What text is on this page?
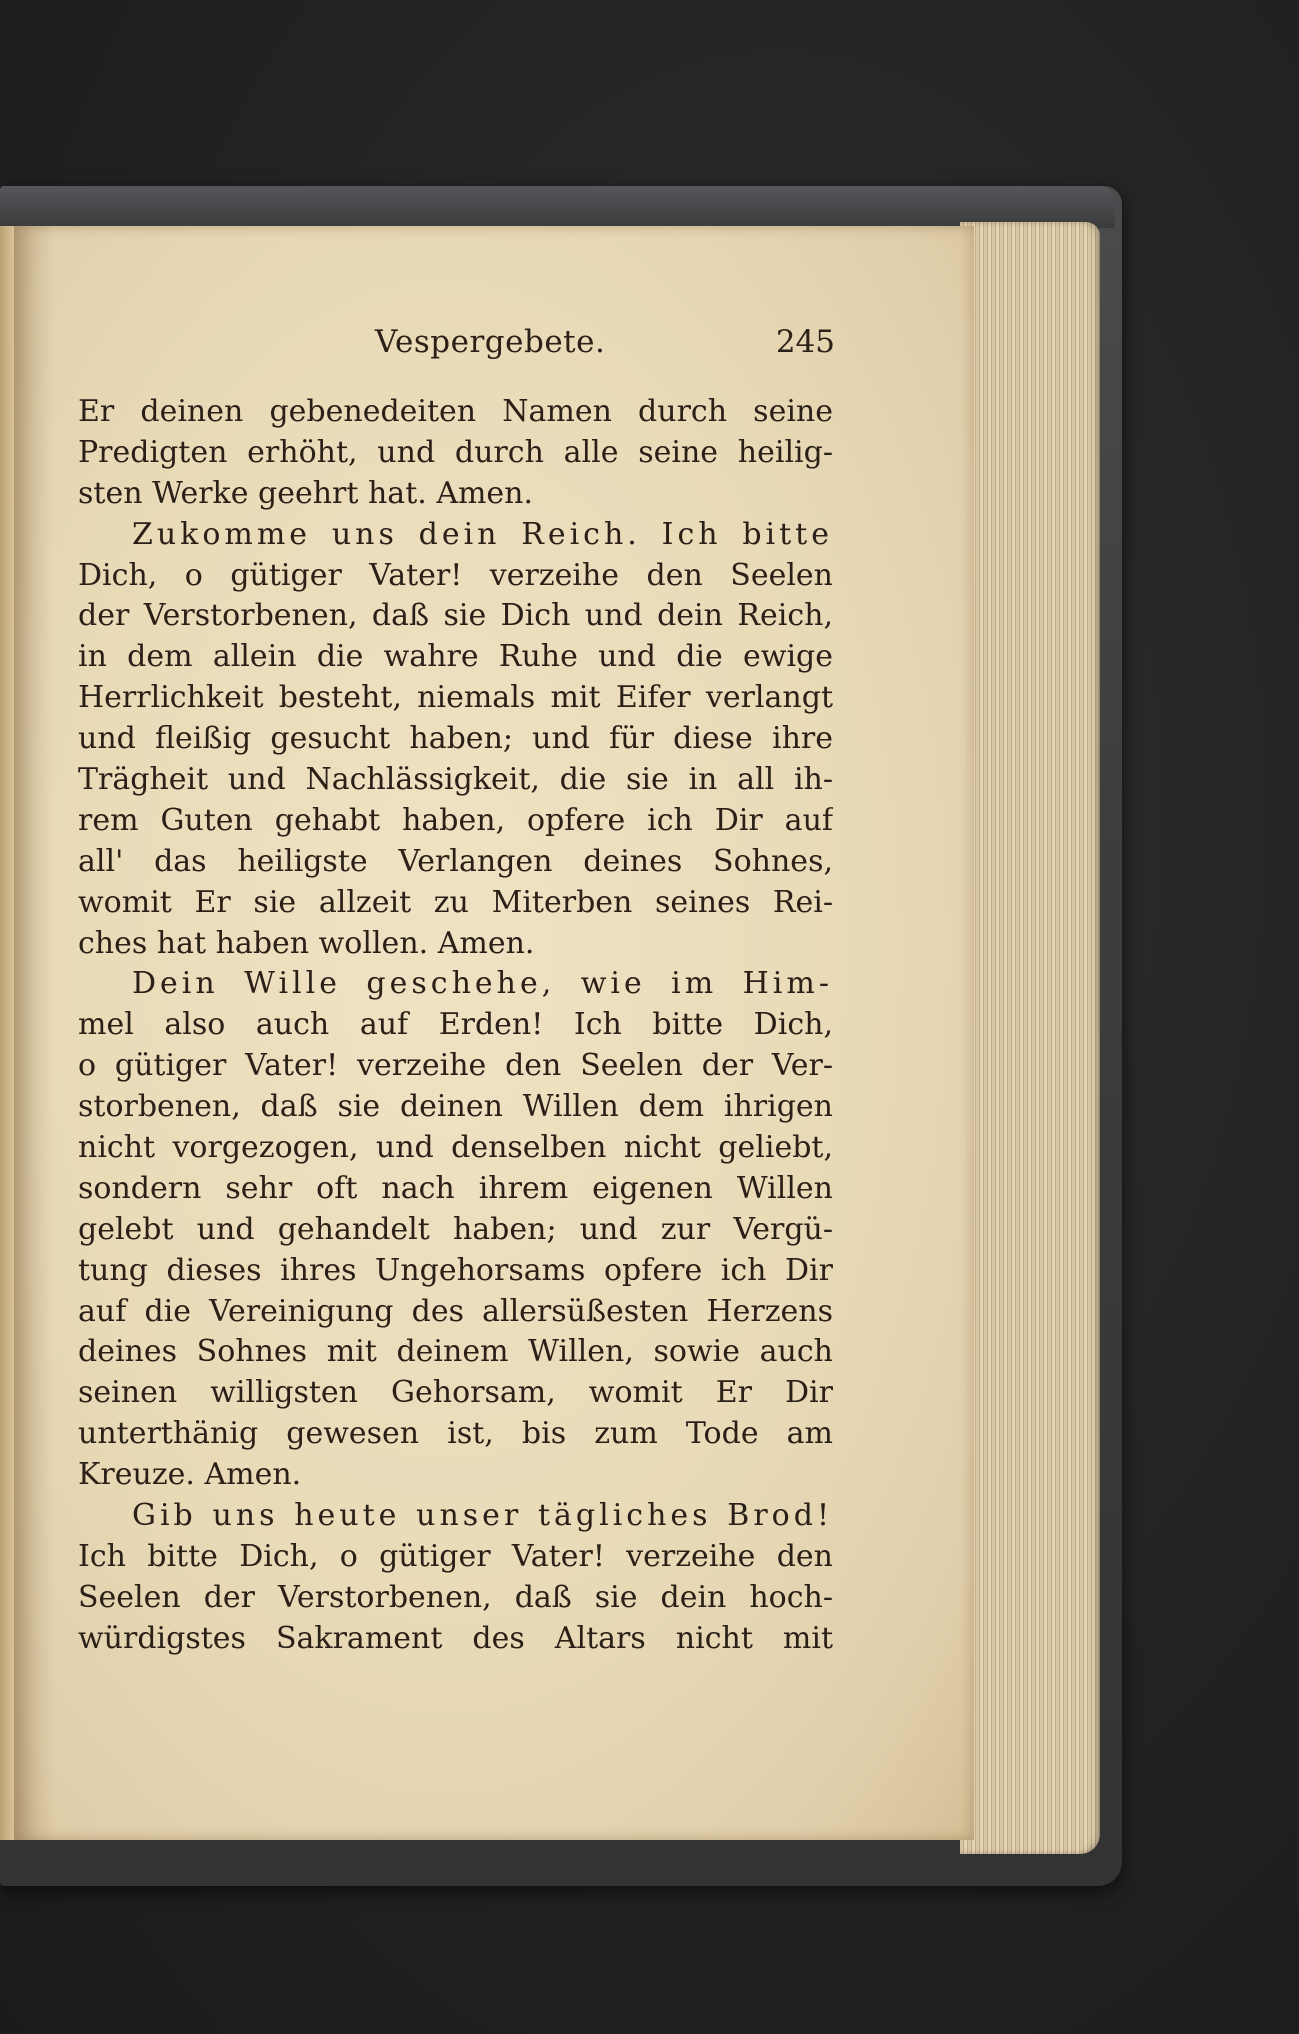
Vespergebete.	245
Er deinen gebenedeiten Namen durch seine
Predigten erhöht, und durch alle seine heilig-
sten Werke geehrt hat. Amen.
Zukomme uns dein Reich. Ich bitte
Dich, o gütiger Vater! verzeihe den Seelen
der Verstorbenen, daß sie Dich und dein Reich,
in dem allein die wahre Ruhe und die ewige
Herrlichkeit besteht, niemals mit Eifer verlangt
und fleißig gesucht haben; und für diese ihre
Trägheit und Nachlässigkeit, die sie in all ih-
rem Guten gehabt haben, opfere ich Dir auf
all' das heiligste Verlangen deines Sohnes,
womit Er sie allzeit zu Miterben seines Rei-
ches hat haben wollen. Amen.
Dein Wille geschehe, wie im Him-
mel also auch auf Erden! Ich bitte Dich,
o gütiger Vater! verzeihe den Seelen der Ver-
storbenen, daß sie deinen Willen dem ihrigen
nicht vorgezogen, und denselben nicht geliebt,
sondern sehr oft nach ihrem eigenen Willen
gelebt und gehandelt haben; und zur Vergü-
tung dieses ihres Ungehorsams opfere ich Dir
auf die Vereinigung des allersüßesten Herzens
deines Sohnes mit deinem Willen, sowie auch
seinen willigsten Gehorsam, womit Er Dir
unterthänig gewesen ist, bis zum Tode am
Kreuze. Amen.
Gib uns heute unser tägliches Brod!
Ich bitte Dich, o gütiger Vater! verzeihe den
Seelen der Verstorbenen, daß sie dein hoch-
würdigstes Sakrament des Altars nicht mit
